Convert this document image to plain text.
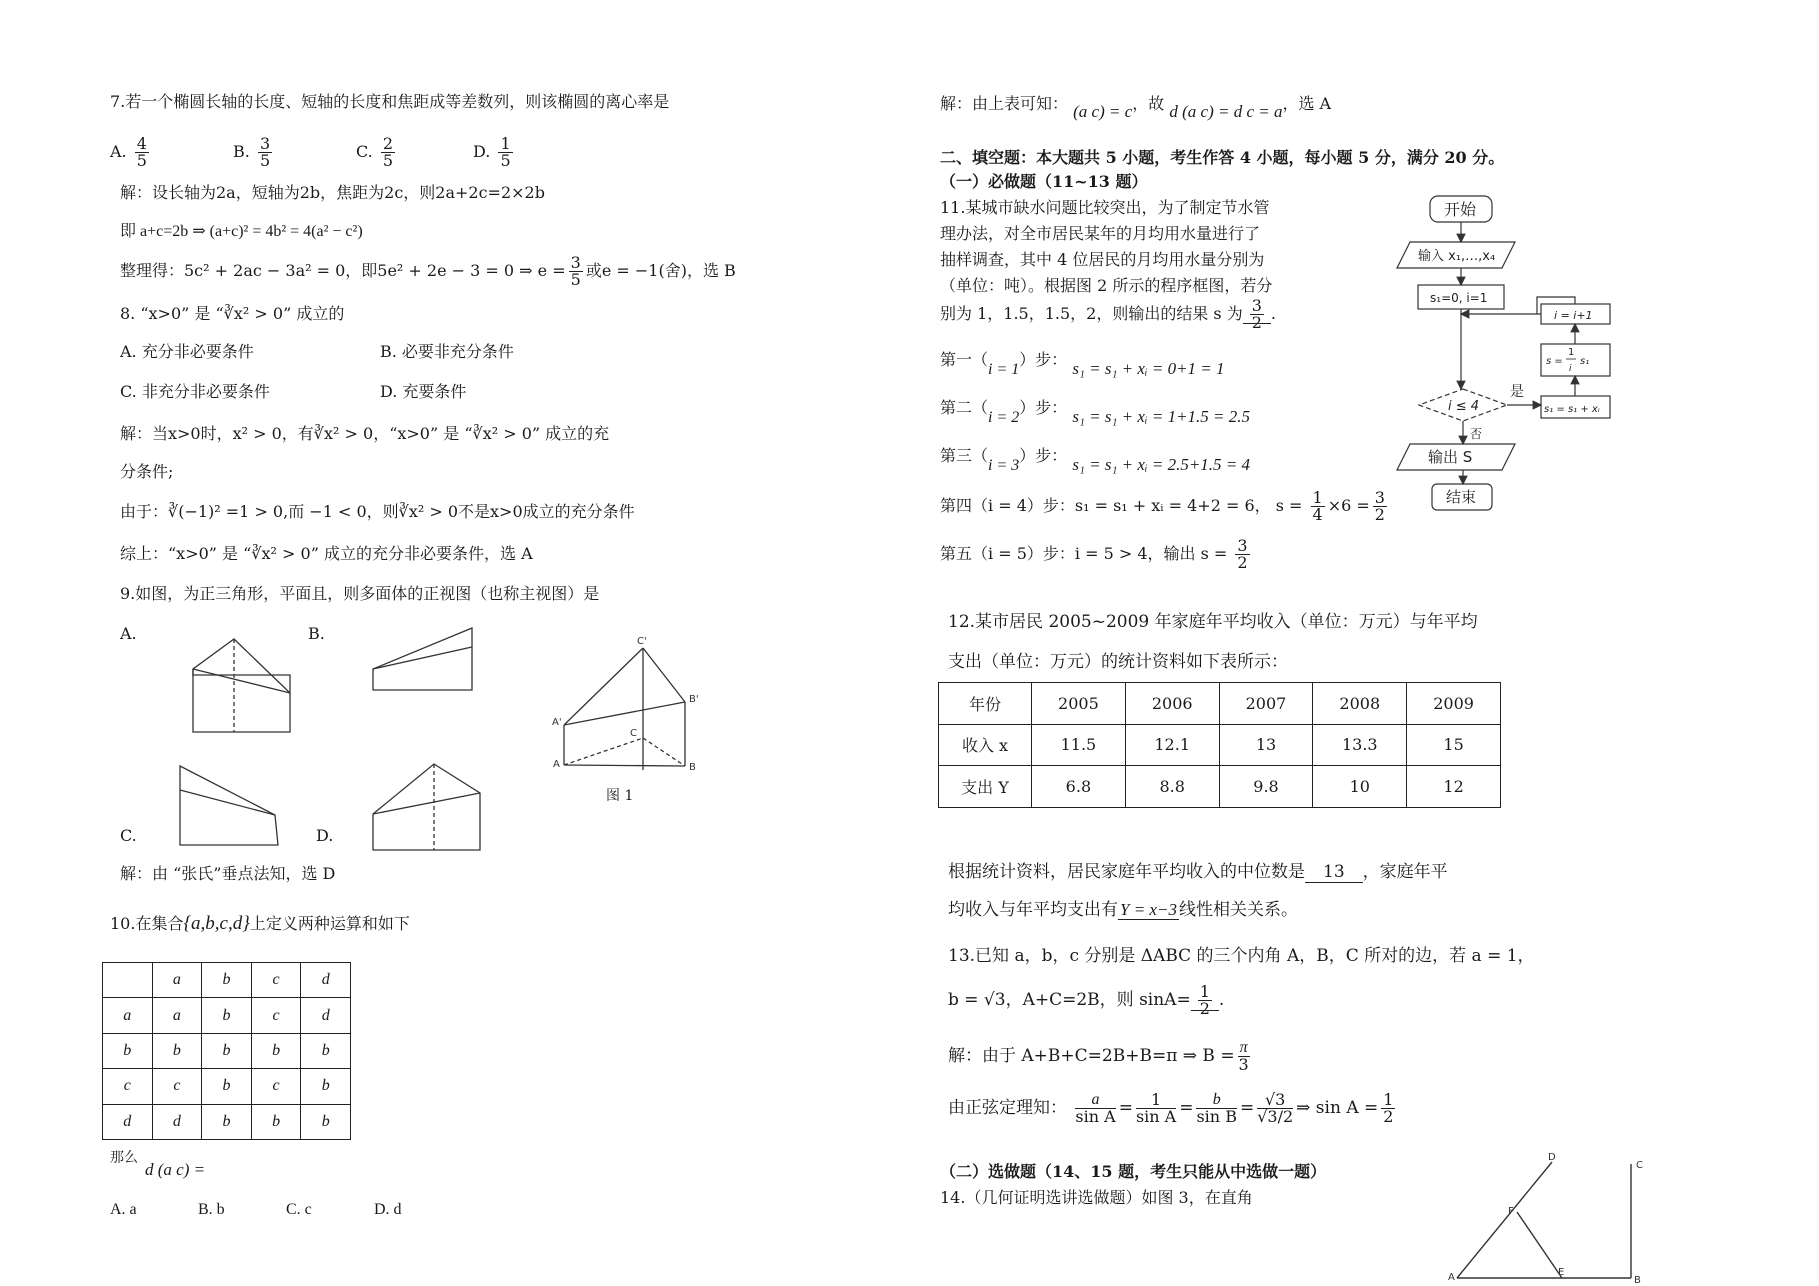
7.若一个椭圆长轴的长度、短轴的长度和焦距成等差数列，则该椭圆的离心率是
A. $\frac{4}{5}$	B. $\frac{3}{5}$	C. $\frac{2}{5}$	D. $\frac{1}{5}$
解：设长轴为2a，短轴为2b，焦距为2c，则2a+2c=2×2b
即 a+c=2b ⇒ (a+c)² = 4b² = 4(a² − c²)
整理得：5c² + 2ac − 3a² = 0，即5e² + 2e − 3 = 0 ⇒ $e = \frac{3}{5}$ 或e = −1(舍)，选 B
8. “x>0” 是 “∛x² > 0” 成立的
A. 充分非必要条件	B. 必要非充分条件
C. 非充分非必要条件	D. 充要条件
解：当x>0时，x² > 0，有∛x² > 0，“x>0” 是 “∛x² > 0” 成立的充
分条件;
由于：∛(−1)² =1 > 0,而 −1 < 0，则∛x² > 0不是x>0成立的充分条件
综上：“x>0” 是 “∛x² > 0” 成立的充分非必要条件，选 A
9.如图，为正三角形，平面且，则多面体的正视图（也称主视图）是
A.	B.
C.	D.
C'
B'
A'
C
A	B
图 1
解：由 “张氏”垂点法知，选 D
10.在集合{a,b,c,d}上定义两种运算和如下
	a	b	c	d
a	a	b	c	d
b	b	b	b	b
c	c	b	c	b
d	d	b	b	b
那么
d (a c) =
A. a	B. b	C. c	D. d
解：由上表可知： (a c) = c，故 d (a c) = d c = a，选 A
二、填空题：本大题共 5 小题，考生作答 4 小题，每小题 5 分，满分 20 分。
（一）必做题（11~13 题）
11.某城市缺水问题比较突出，为了制定节水管
理办法，对全市居民某年的月均用水量进行了
抽样调查，其中 4 位居民的月均用水量分别为
（单位：吨）。根据图 2 所示的程序框图，若分
别为 1，1.5，1.5，2，则输出的结果 s 为 $\frac{3}{2}$ .
第一（i = 1）步： s₁ = s₁ + xᵢ = 0+1 = 1
第二（i = 2）步： s₁ = s₁ + xᵢ = 1+1.5 = 2.5
第三（i = 3）步： s₁ = s₁ + xᵢ = 2.5+1.5 = 4
第四（i = 4）步：s₁ = s₁ + xᵢ = 4+2 = 6， $s = \frac{1}{4} \times 6 = \frac{3}{2}$
第五（i = 5）步：i = 5 > 4，输出 $s = \frac{3}{2}$
开始
输入 x₁,…,x₄
s₁=0, i=1
i ≤ 4
是
否
输出 S
结束
i = i+1
s =
1
i
s₁
s₁ = s₁ + xᵢ
12.某市居民 2005~2009 年家庭年平均收入（单位：万元）与年平均
支出（单位：万元）的统计资料如下表所示：
年份	2005	2006	2007	2008	2009
收入 x	11.5	12.1	13	13.3	15
支出 Y	6.8	8.8	9.8	10	12
根据统计资料，居民家庭年平均收入的中位数是 13 ，家庭年平
均收入与年平均支出有 Y = x−3 线性相关关系。
13.已知 a，b，c 分别是 ΔABC 的三个内角 A，B，C 所对的边，若 a = 1，
b = √3，A+C=2B，则 $\sin A= \frac{1}{2}$ .
解：由于 A+B+C=2B+B=π ⇒ $B = \frac{\pi}{3}$
由正弦定理知： $\frac{a}{\text{sin A}} = \frac{1}{\text{sin A}} = \frac{b}{\text{sin B}} = \frac{√3}{√3/2}$ ⇒ $\sin A = \frac{1}{2}$
（二）选做题（14、15 题，考生只能从中选做一题）
14.（几何证明选讲选做题）如图 3，在直角
D
C
F
A	E
B
